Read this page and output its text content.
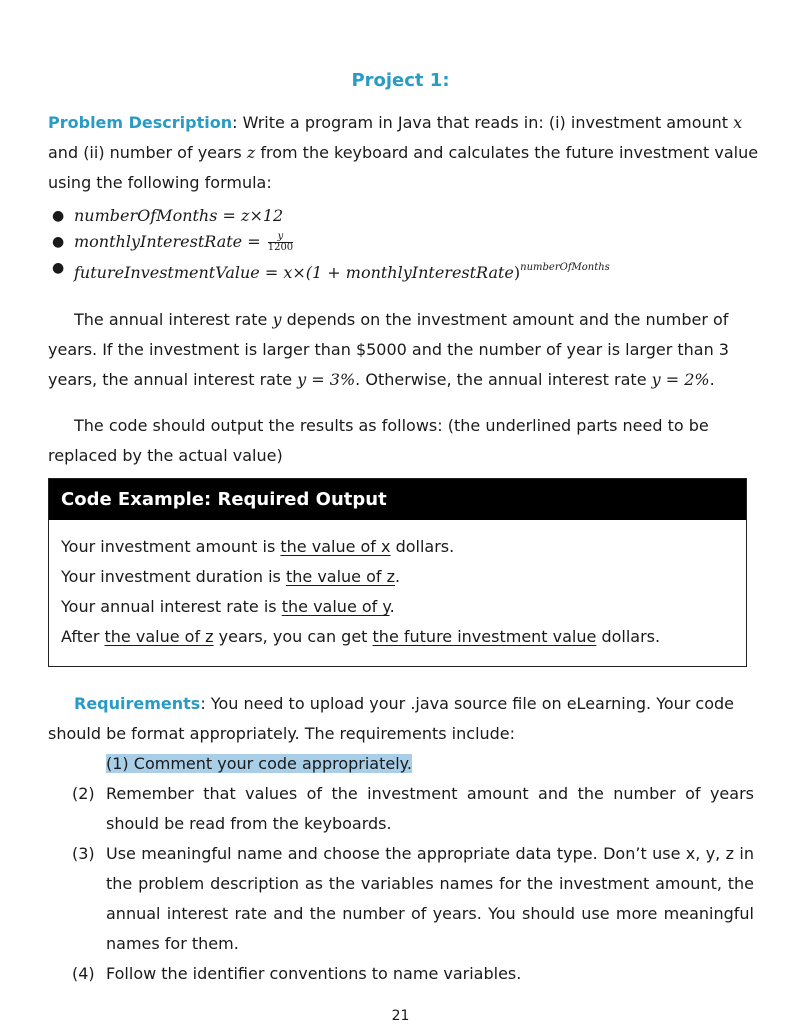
Project 1:
Problem Description: Write a program in Java that reads in: (i) investment amount x
and (ii) number of years z from the keyboard and calculates the future investment value
using the following formula:
● numberOfMonths = z×12
● monthlyInterestRate = $\frac{y}{1200}$
● futureInvestmentValue = x×(1 + monthlyInterestRate)$^{numberOfMonths}$
The annual interest rate y depends on the investment amount and the number of
years. If the investment is larger than $5000 and the number of year is larger than 3
years, the annual interest rate y = 3%. Otherwise, the annual interest rate y = 2%.
The code should output the results as follows: (the underlined parts need to be
replaced by the actual value)
Code Example: Required Output
Your investment amount is the value of x dollars.
Your investment duration is the value of z.
Your annual interest rate is the value of y.
After the value of z years, you can get the future investment value dollars.
Requirements: You need to upload your .java source file on eLearning. Your code
should be format appropriately. The requirements include:
(1) Comment your code appropriately.
(2) Remember that values of the investment amount and the number of years should be read from the keyboards.
(3) Use meaningful name and choose the appropriate data type. Don’t use x, y, z in the problem description as the variables names for the investment amount, the annual interest rate and the number of years. You should use more meaningful names for them.
(4) Follow the identifier conventions to name variables.
21
